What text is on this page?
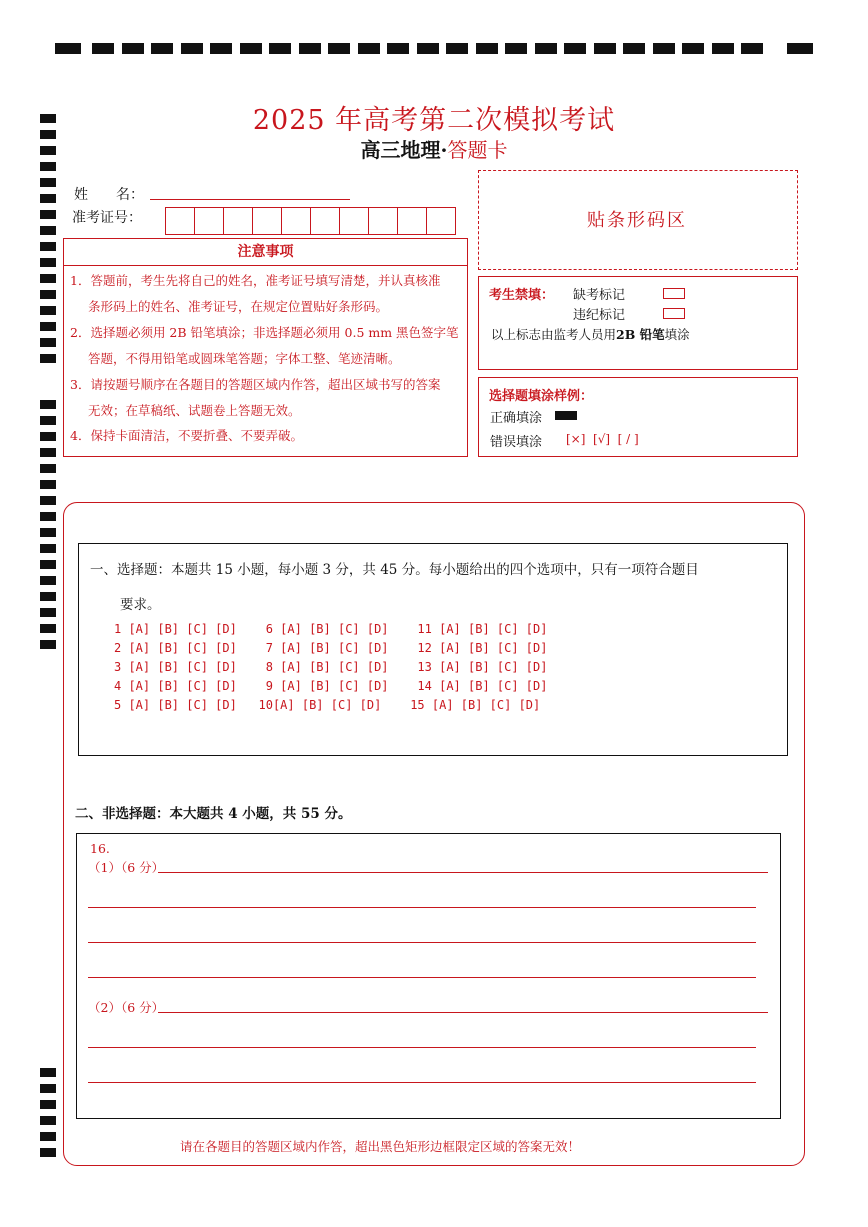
2025 年高考第二次模拟考试
高三地理·答题卡
姓　　名：
准考证号：
注意事项
1．答题前，考生先将自己的姓名，准考证号填写清楚，并认真核准
条形码上的姓名、准考证号，在规定位置贴好条形码。
2．选择题必须用 2B 铅笔填涂；非选择题必须用 0.5 mm 黑色签字笔
答题，不得用铅笔或圆珠笔答题；字体工整、笔迹清晰。
3．请按题号顺序在各题目的答题区域内作答，超出区域书写的答案
无效；在草稿纸、试题卷上答题无效。
4．保持卡面清洁，不要折叠、不要弄破。
贴条形码区
考生禁填： 缺考标记
违纪标记
以上标志由监考人员用2B 铅笔填涂
选择题填涂样例：
正确填涂
错误填涂 [×]  [√]  [ / ]
一、选择题：本题共 15 小题，每小题 3 分，共 45 分。每小题给出的四个选项中，只有一项符合题目
要求。
1 [A] [B] [C] [D]    6 [A] [B] [C] [D]    11 [A] [B] [C] [D]
2 [A] [B] [C] [D]    7 [A] [B] [C] [D]    12 [A] [B] [C] [D]
3 [A] [B] [C] [D]    8 [A] [B] [C] [D]    13 [A] [B] [C] [D]
4 [A] [B] [C] [D]    9 [A] [B] [C] [D]    14 [A] [B] [C] [D]
5 [A] [B] [C] [D]   10[A] [B] [C] [D]    15 [A] [B] [C] [D]
二、非选择题：本大题共 4 小题，共 55 分。
16.
（1）（6 分）
（2）（6 分）
请在各题目的答题区域内作答，超出黑色矩形边框限定区域的答案无效！
